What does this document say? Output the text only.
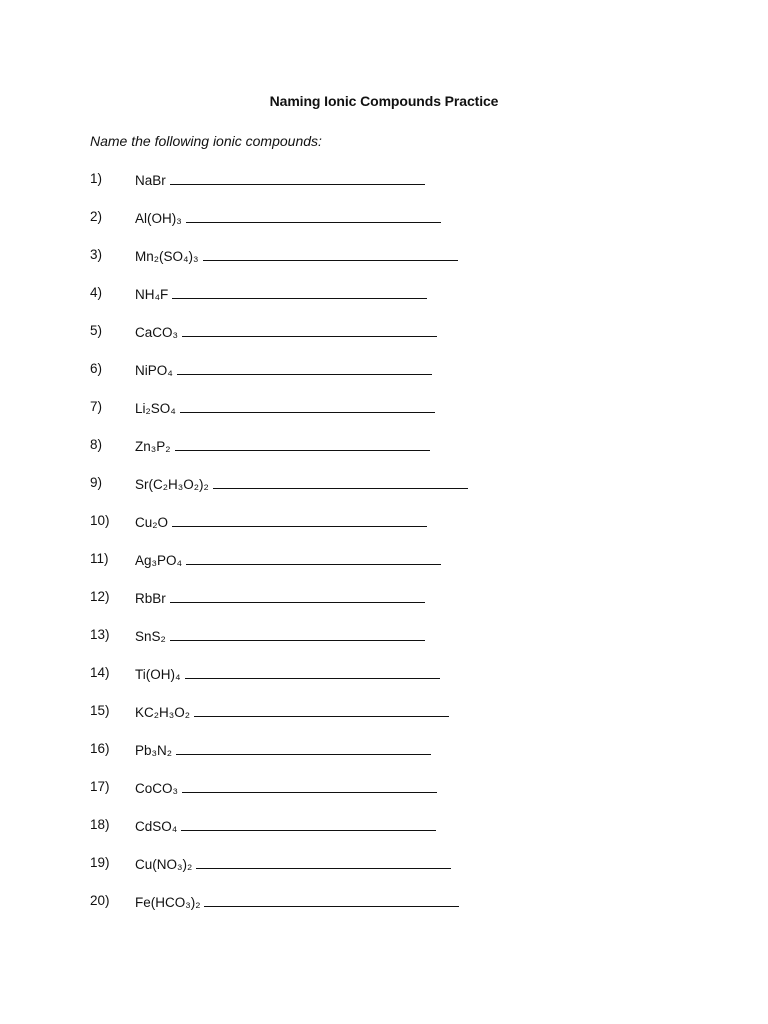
Naming Ionic Compounds Practice
Name the following ionic compounds:
1) NaBr
2) Al(OH)₃
3) Mn₂(SO₄)₃
4) NH₄F
5) CaCO₃
6) NiPO₄
7) Li₂SO₄
8) Zn₃P₂
9) Sr(C₂H₃O₂)₂
10) Cu₂O
11) Ag₃PO₄
12) RbBr
13) SnS₂
14) Ti(OH)₄
15) KC₂H₃O₂
16) Pb₃N₂
17) CoCO₃
18) CdSO₄
19) Cu(NO₃)₂
20) Fe(HCO₃)₂
